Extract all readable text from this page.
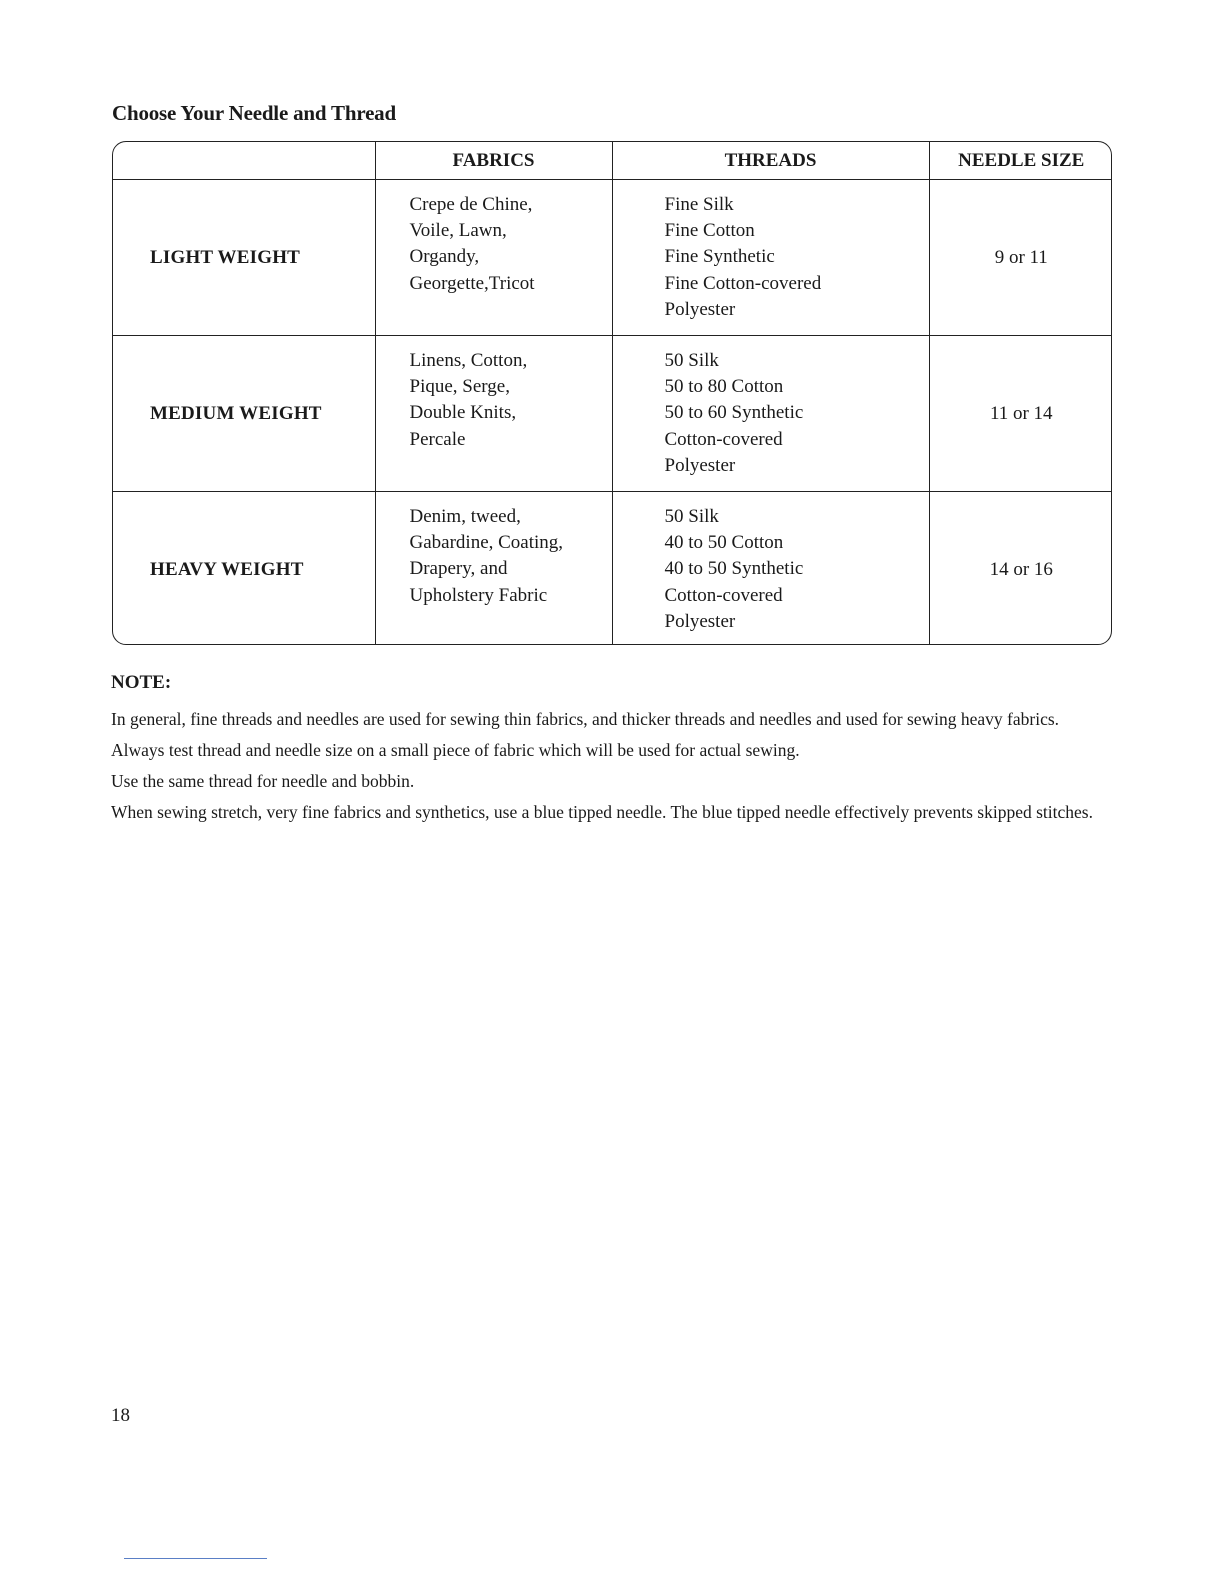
Choose Your Needle and Thread
	FABRICS	THREADS	NEEDLE SIZE
LIGHT WEIGHT	Crepe de Chine,
Voile, Lawn,
Organdy,
Georgette,Tricot	Fine Silk
Fine Cotton
Fine Synthetic
Fine Cotton-covered
Polyester	9 or 11
MEDIUM WEIGHT	Linens, Cotton,
Pique, Serge,
Double Knits,
Percale	50 Silk
50 to 80 Cotton
50 to 60 Synthetic
Cotton-covered
Polyester	11 or 14
HEAVY WEIGHT	Denim, tweed,
Gabardine, Coating,
Drapery, and
Upholstery Fabric	50 Silk
40 to 50 Cotton
40 to 50 Synthetic
Cotton-covered
Polyester	14 or 16
NOTE:

In general, fine threads and needles are used for sewing thin fabrics, and thicker threads and needles and used for sewing heavy fabrics.

Always test thread and needle size on a small piece of fabric which will be used for actual sewing.

Use the same thread for needle and bobbin.

When sewing stretch, very fine fabrics and synthetics, use a blue tipped needle. The blue tipped needle effectively prevents skipped stitches.

18
